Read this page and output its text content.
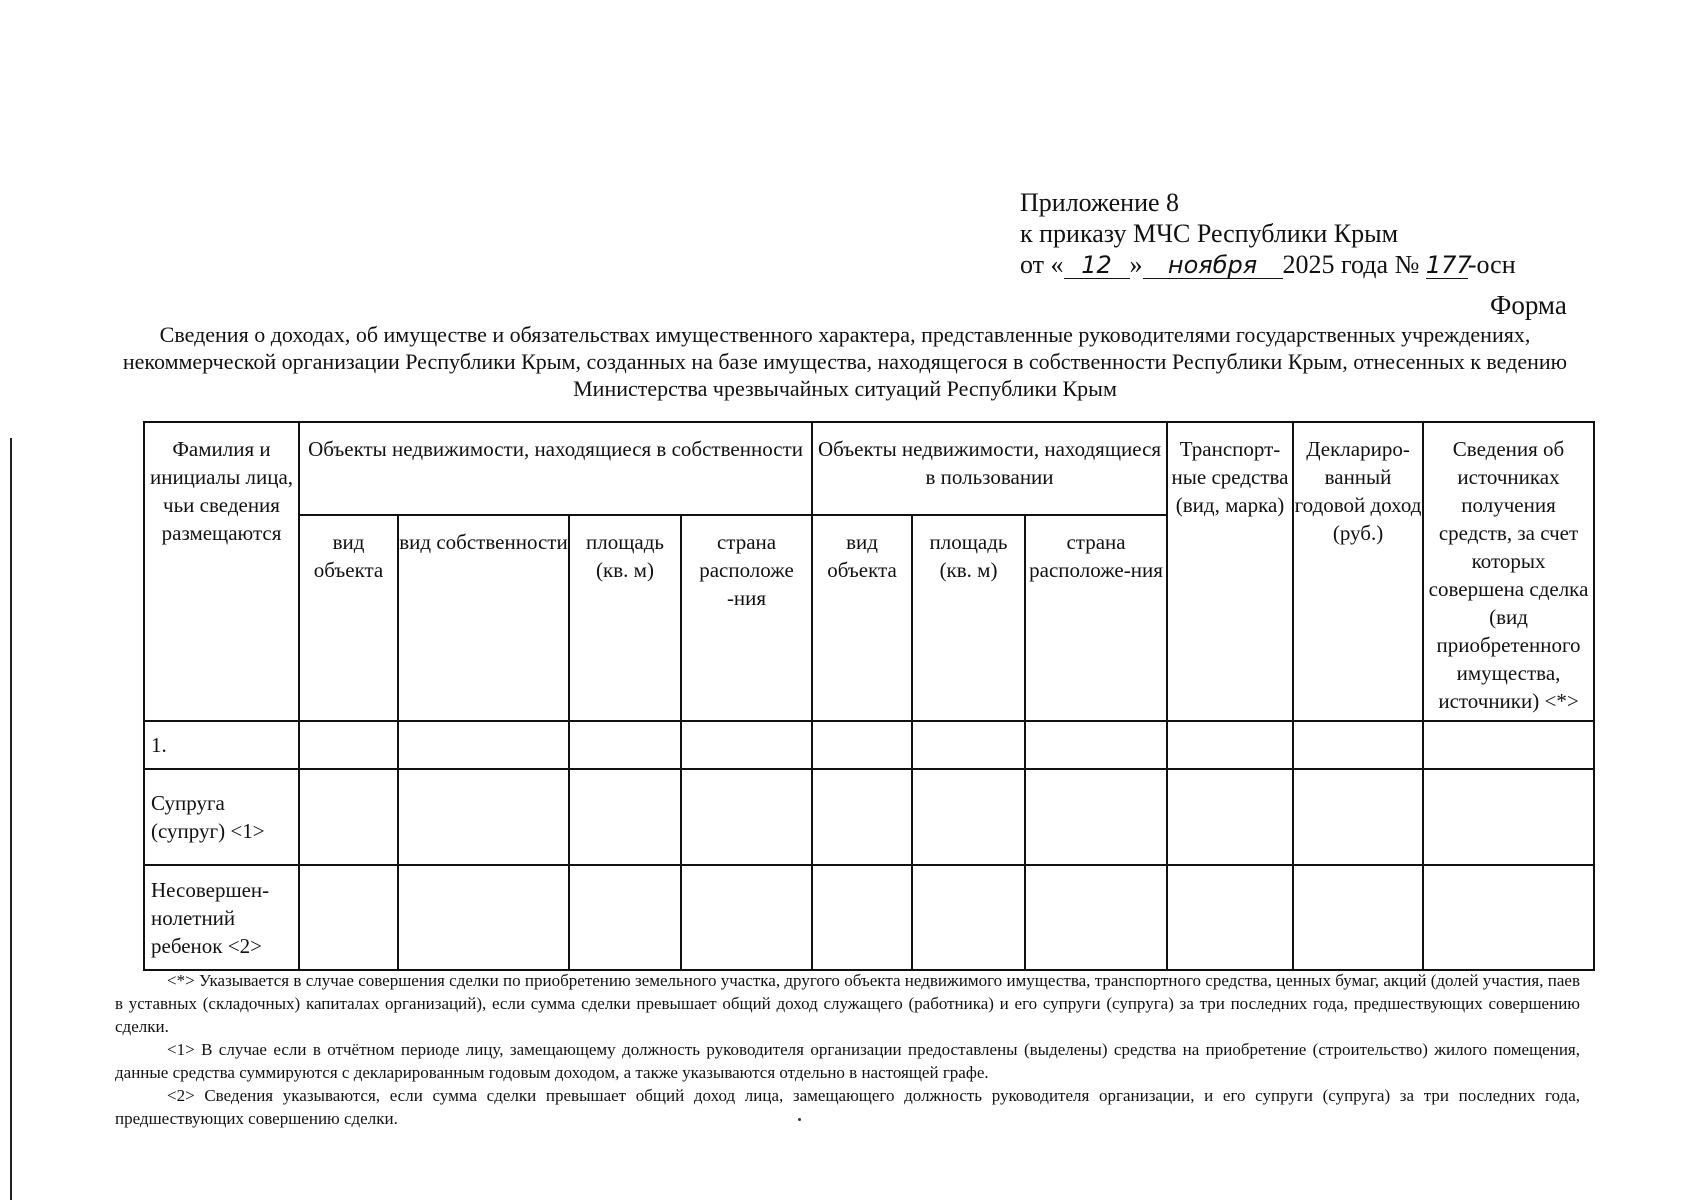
Приложение 8
к приказу МЧС Республики Крым
от « 12 » ноября 2025 года № 177-осн
Форма
Сведения о доходах, об имуществе и обязательствах имущественного характера, представленные руководителями государственных учреждениях, некоммерческой организации Республики Крым, созданных на базе имущества, находящегося в собственности Республики Крым, отнесенных к ведению Министерства чрезвычайных ситуаций Республики Крым
Фамилия и инициалы лица, чьи сведения размещаются	Объекты недвижимости, находящиеся в собственности				Объекты недвижимости, находящиеся в пользовании			Транспорт-ные средства (вид, марка)	Деклариро-ванный годовой доход (руб.)	Сведения об источниках получения средств, за счет которых совершена сделка (вид приобретенного имущества, источники) <*>
	вид объекта	вид собственности	площадь (кв. м)	страна расположе -ния	вид объекта	площадь (кв. м)	страна расположе-ния			
1.										
Супруга (супруг) <1>										
Несовершен-нолетний ребенок <2>										

<*> Указывается в случае совершения сделки по приобретению земельного участка, другого объекта недвижимого имущества, транспортного средства, ценных бумаг, акций (долей участия, паев в уставных (складочных) капиталах организаций), если сумма сделки превышает общий доход служащего (работника) и его супруги (супруга) за три последних года, предшествующих совершению сделки.

<1> В случае если в отчётном периоде лицу, замещающему должность руководителя организации предоставлены (выделены) средства на приобретение (строительство) жилого помещения, данные средства суммируются с декларированным годовым доходом, а также указываются отдельно в настоящей графе.

<2> Сведения указываются, если сумма сделки превышает общий доход лица, замещающего должность руководителя организации, и его супруги (супруга) за три последних года, предшествующих совершению сделки.
